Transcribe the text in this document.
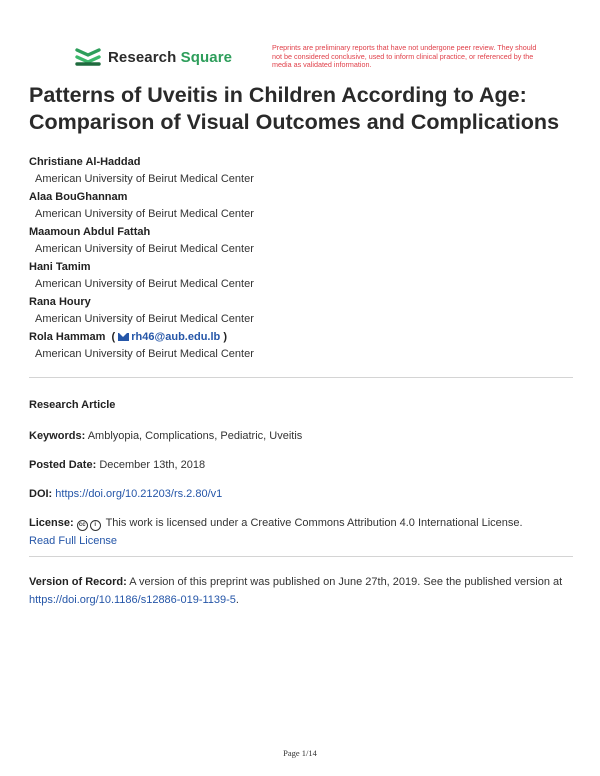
Research Square
Preprints are preliminary reports that have not undergone peer review. They should not be considered conclusive, used to inform clinical practice, or referenced by the media as validated information.
Patterns of Uveitis in Children According to Age: Comparison of Visual Outcomes and Complications
Christiane Al-Haddad
American University of Beirut Medical Center
Alaa BouGhannam
American University of Beirut Medical Center
Maamoun Abdul Fattah
American University of Beirut Medical Center
Hani Tamim
American University of Beirut Medical Center
Rana Houry
American University of Beirut Medical Center
Rola Hammam ( rh46@aub.edu.lb )
American University of Beirut Medical Center
Research Article
Keywords: Amblyopia, Complications, Pediatric, Uveitis
Posted Date: December 13th, 2018
DOI: https://doi.org/10.21203/rs.2.80/v1
License: cc i This work is licensed under a Creative Commons Attribution 4.0 International License.
Read Full License
Version of Record: A version of this preprint was published on June 27th, 2019. See the published version at https://doi.org/10.1186/s12886-019-1139-5.
Page 1/14
